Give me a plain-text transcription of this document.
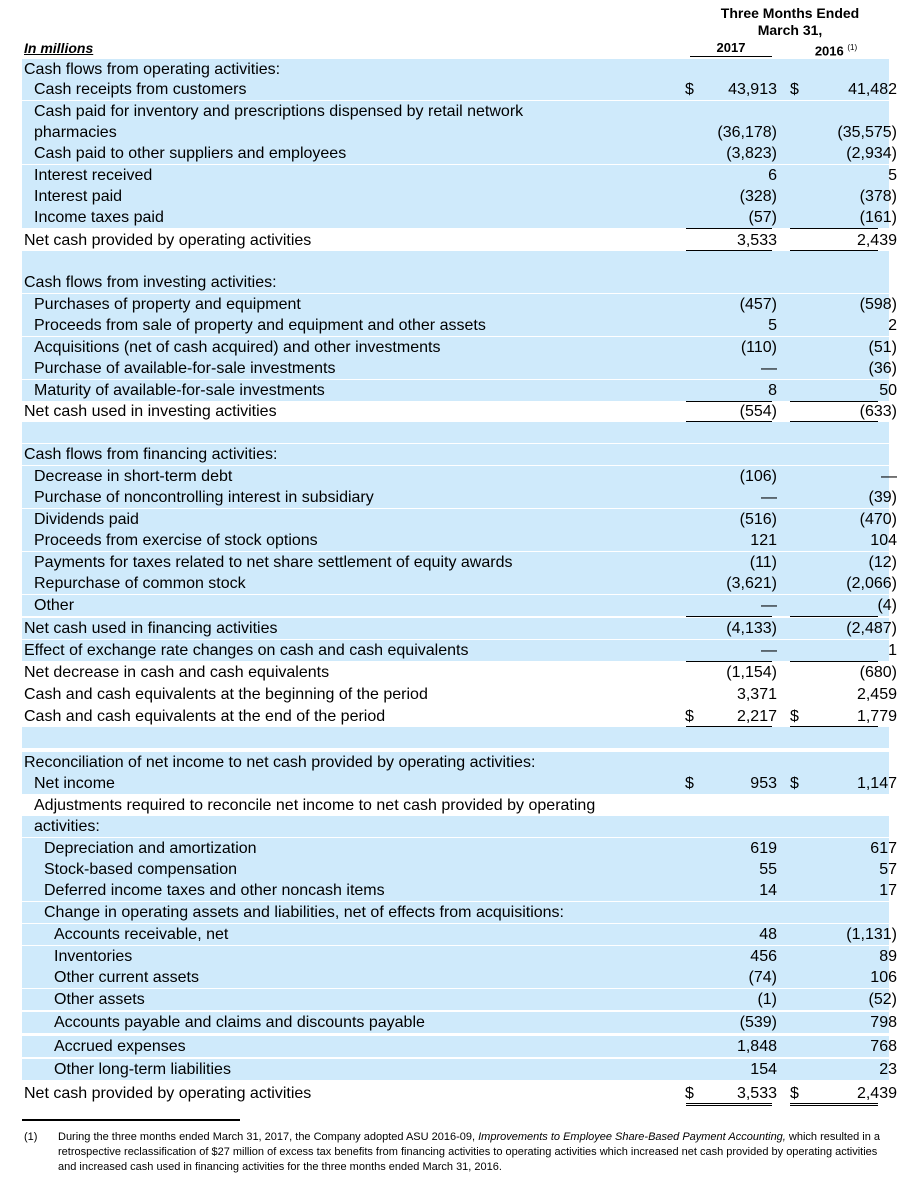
Three Months Ended
March 31,
2017	2016 $^{(1)}$
In millions
Cash flows from operating activities:
Cash receipts from customers	$	43,913 $	41,482
Cash paid for inventory and prescriptions dispensed by retail network
pharmacies	(36,178)	(35,575)
Cash paid to other suppliers and employees	(3,823)	(2,934)
Interest received	6	5
Interest paid	(328)	(378)
Income taxes paid	(57)	(161)
Net cash provided by operating activities	3,533	2,439
Cash flows from investing activities:
Purchases of property and equipment	(457)	(598)
Proceeds from sale of property and equipment and other assets	5	2
Acquisitions (net of cash acquired) and other investments	(110)	(51)
Purchase of available-for-sale investments	—	(36)
Maturity of available-for-sale investments	8	50
Net cash used in investing activities	(554)	(633)
Cash flows from financing activities:
Decrease in short-term debt	(106)	—
Purchase of noncontrolling interest in subsidiary	—	(39)
Dividends paid	(516)	(470)
Proceeds from exercise of stock options	121	104
Payments for taxes related to net share settlement of equity awards	(11)	(12)
Repurchase of common stock	(3,621)	(2,066)
Other	—	(4)
Net cash used in financing activities	(4,133)	(2,487)
Effect of exchange rate changes on cash and cash equivalents	—	1
Net decrease in cash and cash equivalents	(1,154)	(680)
Cash and cash equivalents at the beginning of the period	3,371	2,459
Cash and cash equivalents at the end of the period	$	2,217 $	1,779
Reconciliation of net income to net cash provided by operating activities:
Net income	$	953 $	1,147
Adjustments required to reconcile net income to net cash provided by operating
activities:
Depreciation and amortization	619	617
Stock-based compensation	55	57
Deferred income taxes and other noncash items	14	17
Change in operating assets and liabilities, net of effects from acquisitions:
Accounts receivable, net	48	(1,131)
Inventories	456	89
Other current assets	(74)	106
Other assets	(1)	(52)
Accounts payable and claims and discounts payable	(539)	798
Accrued expenses	1,848	768
Other long-term liabilities	154	23
Net cash provided by operating activities	$	3,533 $	2,439
(1) During the three months ended March 31, 2017, the Company adopted ASU 2016-09, Improvements to Employee Share-Based Payment Accounting, which resulted in a retrospective reclassification of $27 million of excess tax benefits from financing activities to operating activities which increased net cash provided by operating activities and increased cash used in financing activities for the three months ended March 31, 2016.
